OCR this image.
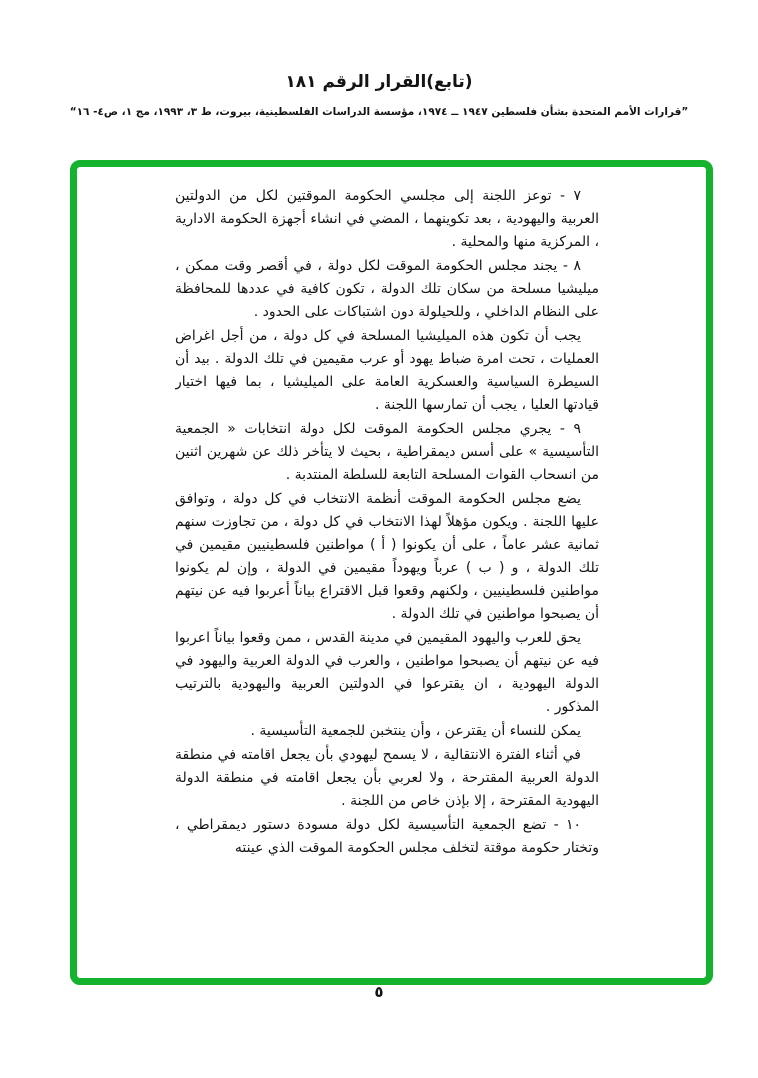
(تابع)القرار الرقم ١٨١
”قرارات الأمم المتحدة بشأن فلسطين ١٩٤٧ ــ ١٩٧٤، مؤسسة الدراسات الفلسطينية، بيروت، ط ٣، ١٩٩٣، مج ١، ص٤- ١٦“

٧ - توعز اللجنة إلى مجلسي الحكومة الموقتين لكل من الدولتين العربية واليهودية ، بعد تكوينهما ، المضي في انشاء أجهزة الحكومة الادارية ، المركزية منها والمحلية .

٨ - يجند مجلس الحكومة الموقت لكل دولة ، في أقصر وقت ممكن ، ميليشيا مسلحة من سكان تلك الدولة ، تكون كافية في عددها للمحافظة على النظام الداخلي ، وللحيلولة دون اشتباكات على الحدود .

يجب أن تكون هذه الميليشيا المسلحة في كل دولة ، من أجل اغراض العمليات ، تحت امرة ضباط يهود أو عرب مقيمين في تلك الدولة . بيد أن السيطرة السياسية والعسكرية العامة على الميليشيا ، بما فيها اختيار قيادتها العليا ، يجب أن تمارسها اللجنة .

٩ - يجري مجلس الحكومة الموقت لكل دولة انتخابات « الجمعية التأسيسية » على أسس ديمقراطية ، بحيث لا يتأخر ذلك عن شهرين اثنين من انسحاب القوات المسلحة التابعة للسلطة المنتدبة .

يضع مجلس الحكومة الموقت أنظمة الانتخاب في كل دولة ، وتوافق عليها اللجنة . ويكون مؤهلاً لهذا الانتخاب في كل دولة ، من تجاوزت سنهم ثمانية عشر عاماً ، على أن يكونوا ( أ ) مواطنين فلسطينيين مقيمين في تلك الدولة ، و ( ب ) عرباً ويهوداً مقيمين في الدولة ، وإن لم يكونوا مواطنين فلسطينيين ، ولكنهم وقعوا قبل الاقتراع بياناً أعربوا فيه عن نيتهم أن يصبحوا مواطنين في تلك الدولة .

يحق للعرب واليهود المقيمين في مدينة القدس ، ممن وقعوا بياناً اعربوا فيه عن نيتهم أن يصبحوا مواطنين ، والعرب في الدولة العربية واليهود في الدولة اليهودية ، ان يقترعوا في الدولتين العربية واليهودية بالترتيب المذكور .

يمكن للنساء أن يقترعن ، وأن ينتخبن للجمعية التأسيسية .

في أثناء الفترة الانتقالية ، لا يسمح ليهودي بأن يجعل اقامته في منطقة الدولة العربية المقترحة ، ولا لعربي بأن يجعل اقامته في منطقة الدولة اليهودية المقترحة ، إلا بإذن خاص من اللجنة .

١٠ - تضع الجمعية التأسيسية لكل دولة مسودة دستور ديمقراطي ، وتختار حكومة موقتة لتخلف مجلس الحكومة الموقت الذي عينته

٥
